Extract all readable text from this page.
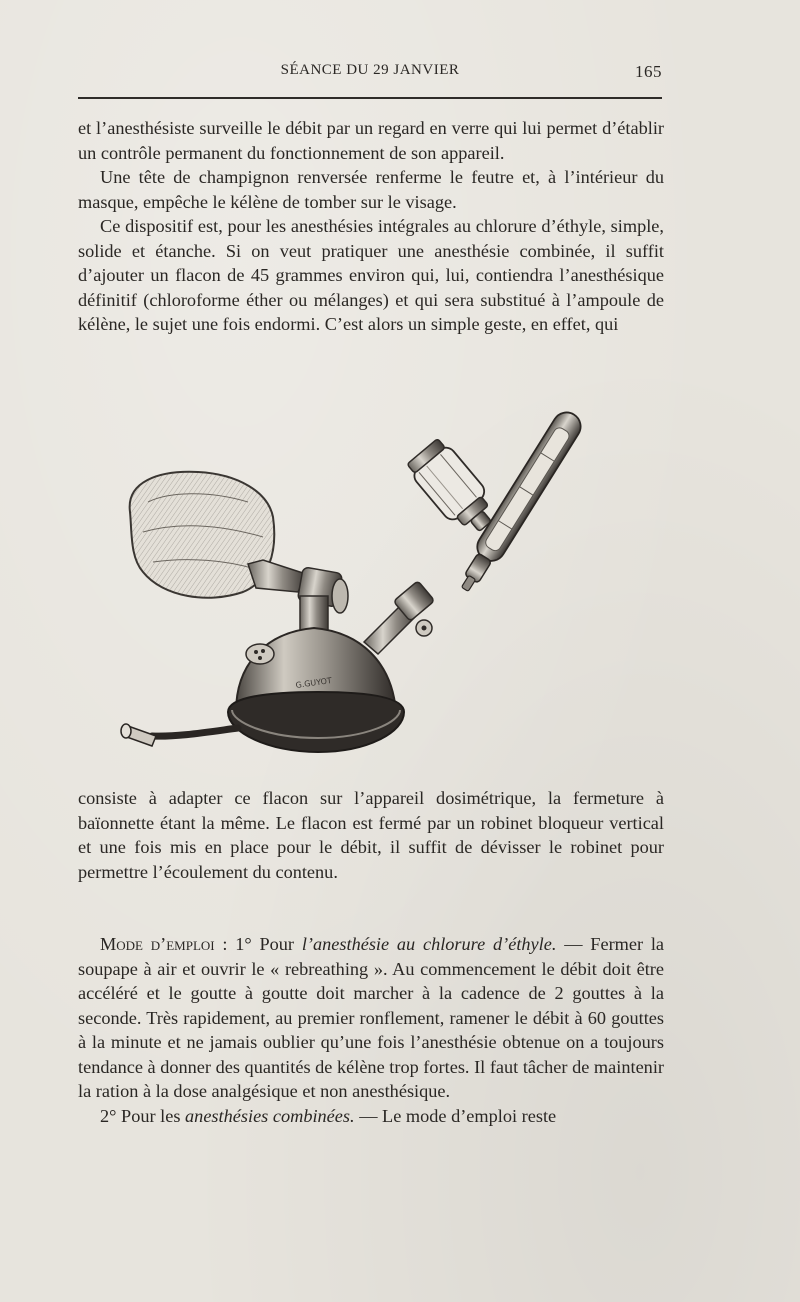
SÉANCE DU 29 JANVIER	165

et l’anesthésiste surveille le débit par un regard en verre qui lui permet d’établir un contrôle permanent du fonctionnement de son appareil.

Une tête de champignon renversée renferme le feutre et, à l’intérieur du masque, empêche le kélène de tomber sur le visage.

Ce dispositif est, pour les anesthésies intégrales au chlorure d’éthyle, simple, solide et étanche. Si on veut pratiquer une anesthésie combinée, il suffit d’ajouter un flacon de 45 grammes environ qui, lui, contiendra l’anesthésique définitif (chloroforme éther ou mélanges) et qui sera substitué à l’ampoule de kélène, le sujet une fois endormi. C’est alors un simple geste, en effet, qui

G.GUYOT

consiste à adapter ce flacon sur l’appareil dosimétrique, la fermeture à baïonnette étant la même. Le flacon est fermé par un robinet bloqueur vertical et une fois mis en place pour le débit, il suffit de dévisser le robinet pour permettre l’écoulement du contenu.

Mode d’emploi : 1° Pour l’anesthésie au chlorure d’éthyle. — Fermer la soupape à air et ouvrir le « rebreathing ». Au commencement le débit doit être accéléré et le goutte à goutte doit marcher à la cadence de 2 gouttes à la seconde. Très rapidement, au premier ronflement, ramener le débit à 60 gouttes à la minute et ne jamais oublier qu’une fois l’anesthésie obtenue on a toujours tendance à donner des quantités de kélène trop fortes. Il faut tâcher de maintenir la ration à la dose analgésique et non anesthésique.

2° Pour les anesthésies combinées. — Le mode d’emploi reste
